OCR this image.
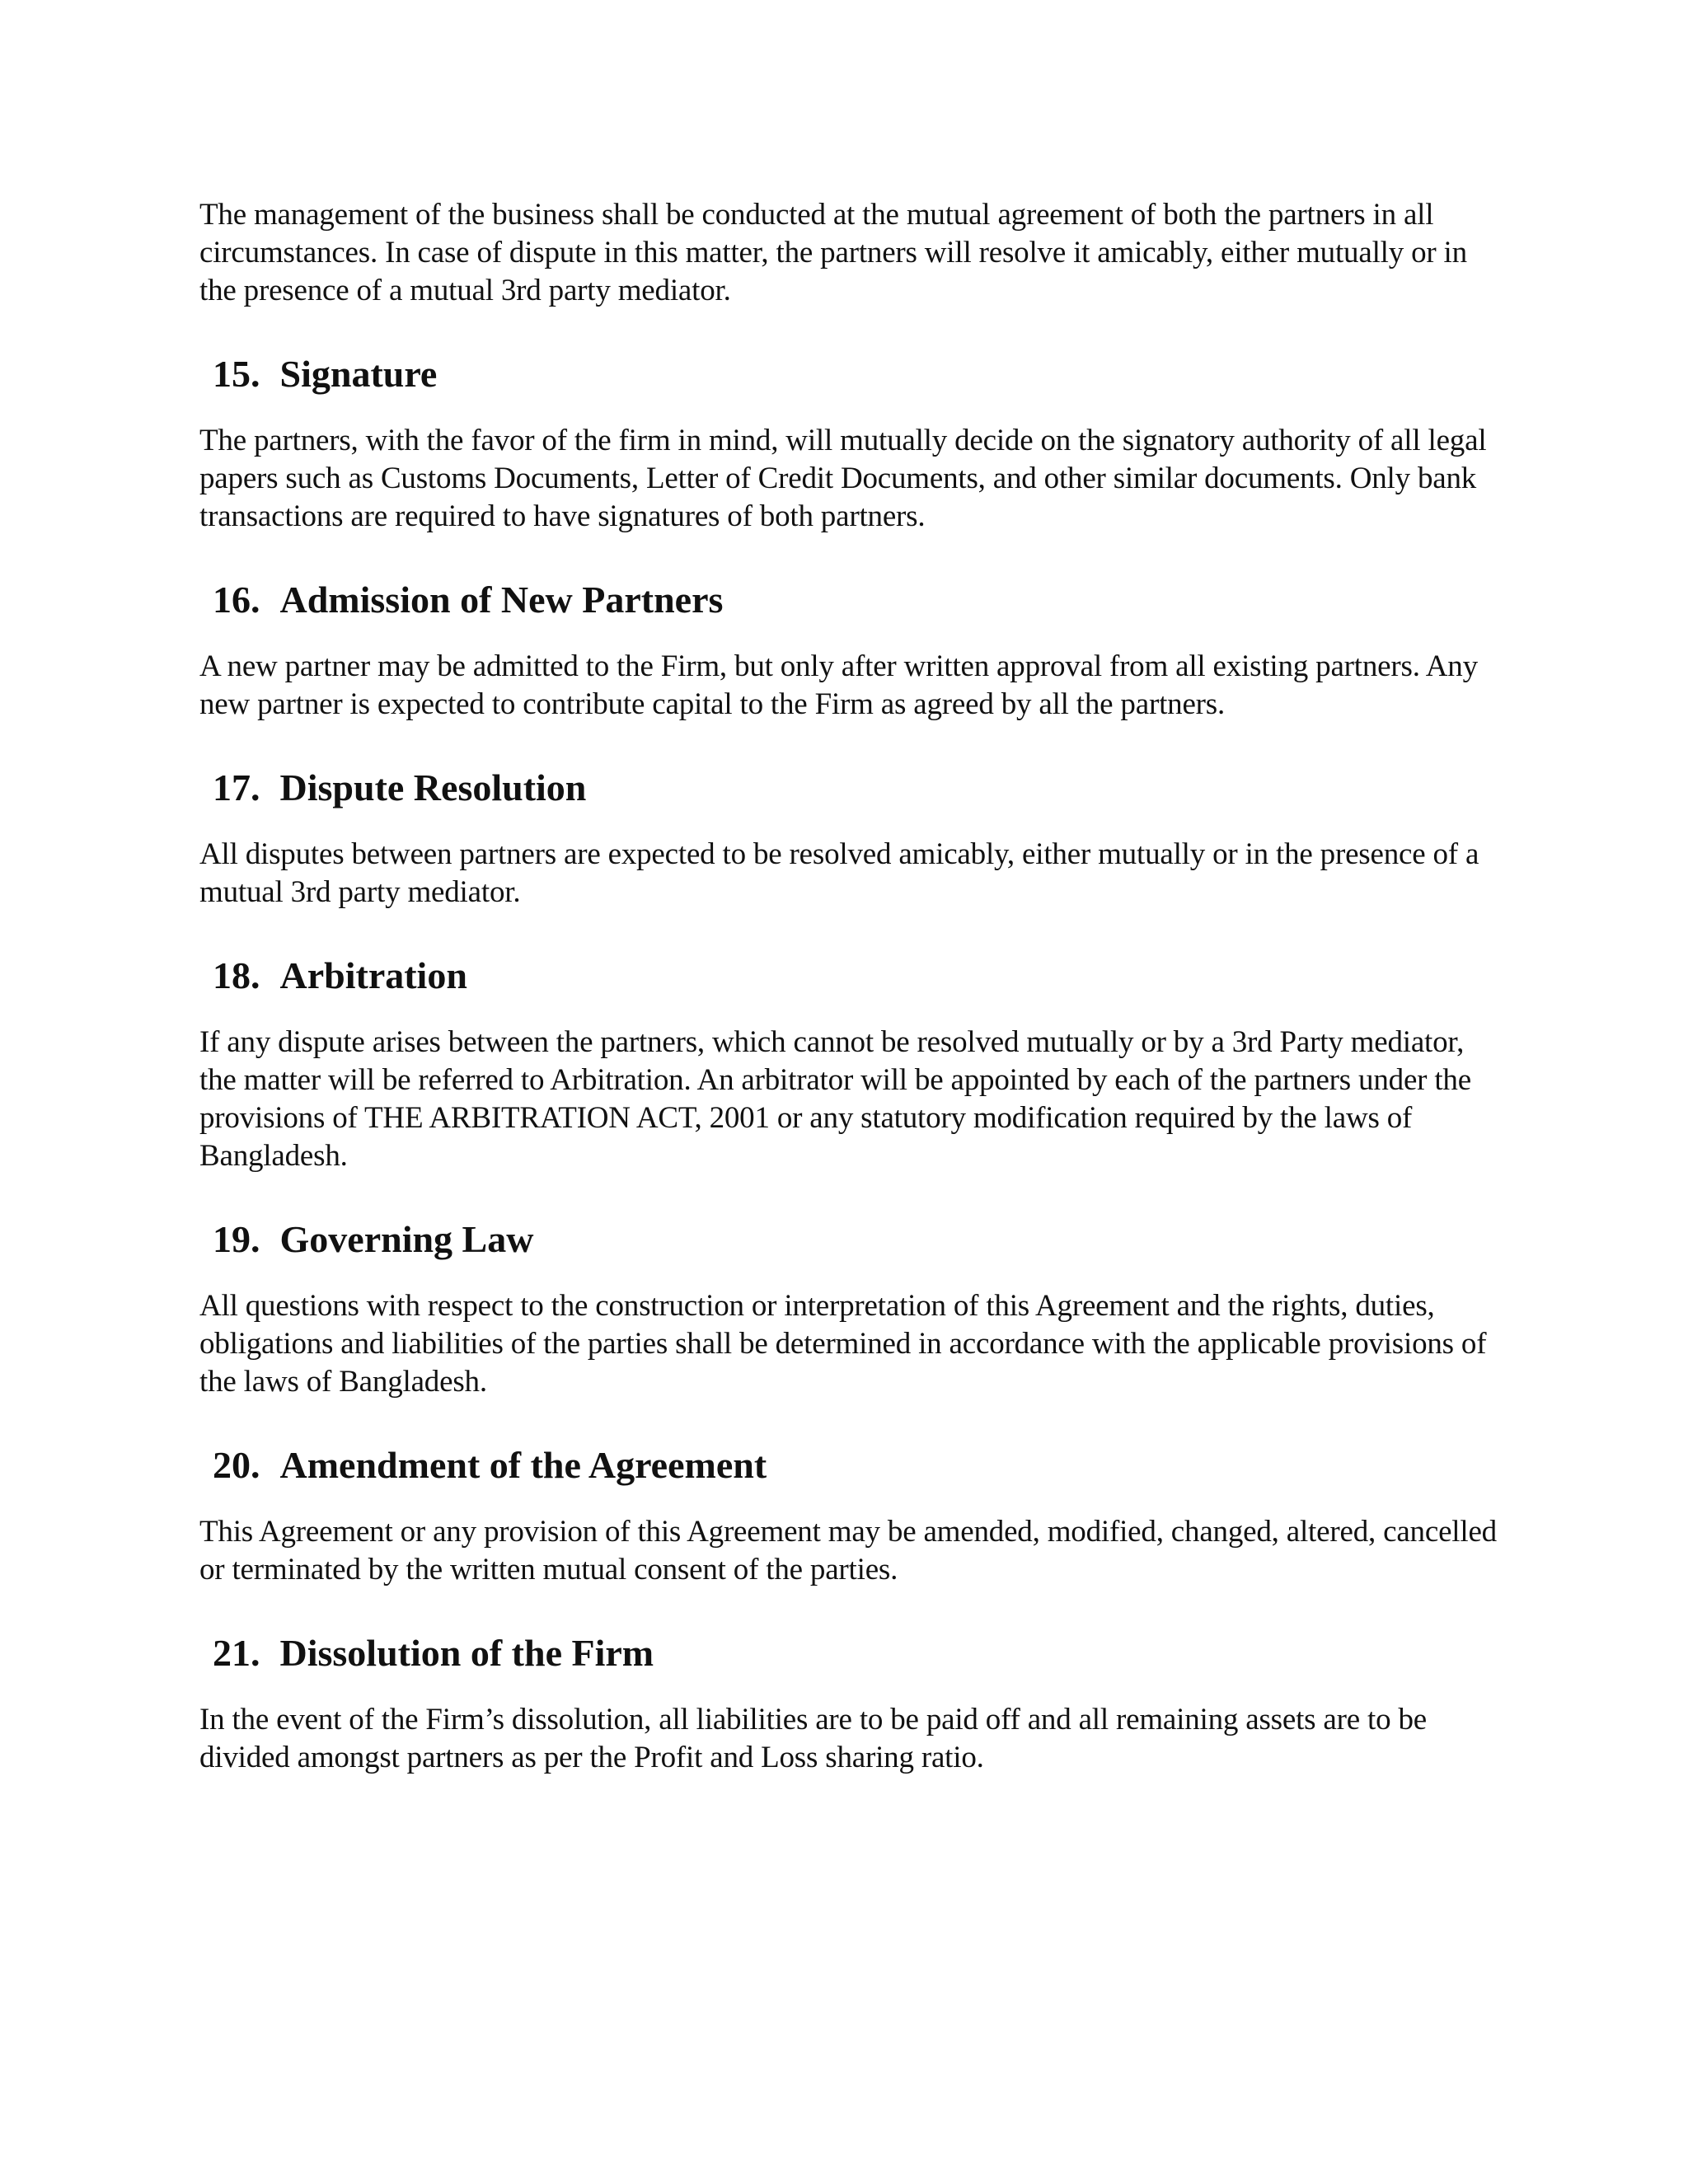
The management of the business shall be conducted at the mutual agreement of both the partners in all circumstances. In case of dispute in this matter, the partners will resolve it amicably, either mutually or in the presence of a mutual 3rd party mediator.

15. Signature

The partners, with the favor of the firm in mind, will mutually decide on the signatory authority of all legal papers such as Customs Documents, Letter of Credit Documents, and other similar documents. Only bank transactions are required to have signatures of both partners.

16. Admission of New Partners

A new partner may be admitted to the Firm, but only after written approval from all existing partners. Any new partner is expected to contribute capital to the Firm as agreed by all the partners.

17. Dispute Resolution

All disputes between partners are expected to be resolved amicably, either mutually or in the presence of a mutual 3rd party mediator.

18. Arbitration

If any dispute arises between the partners, which cannot be resolved mutually or by a 3rd Party mediator, the matter will be referred to Arbitration. An arbitrator will be appointed by each of the partners under the provisions of THE ARBITRATION ACT, 2001 or any statutory modification required by the laws of Bangladesh.

19. Governing Law

All questions with respect to the construction or interpretation of this Agreement and the rights, duties, obligations and liabilities of the parties shall be determined in accordance with the applicable provisions of the laws of Bangladesh.

20. Amendment of the Agreement

This Agreement or any provision of this Agreement may be amended, modified, changed, altered, cancelled or terminated by the written mutual consent of the parties.

21. Dissolution of the Firm

In the event of the Firm’s dissolution, all liabilities are to be paid off and all remaining assets are to be divided amongst partners as per the Profit and Loss sharing ratio.
